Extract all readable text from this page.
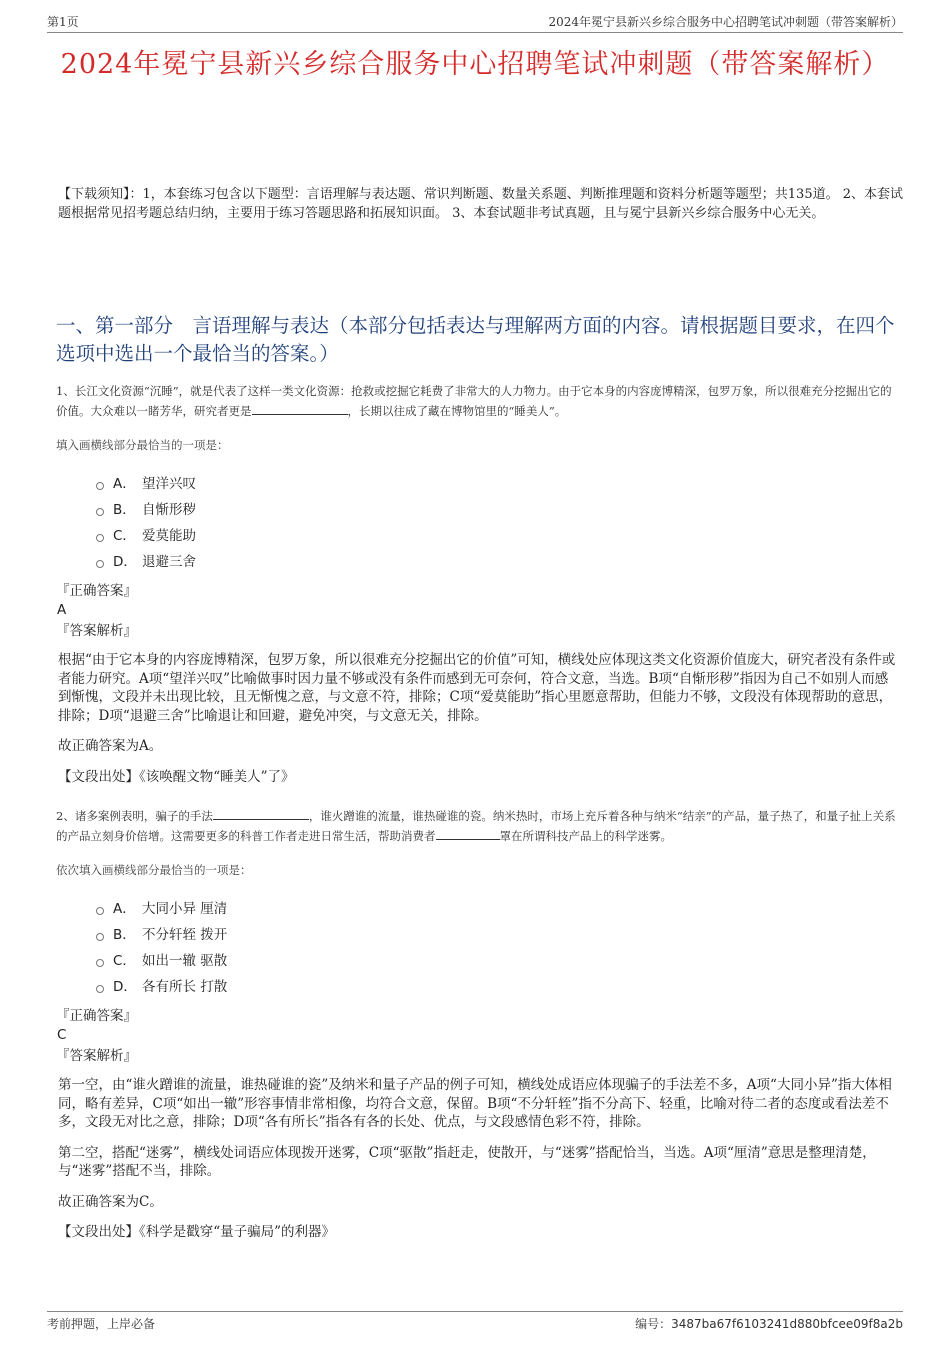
第1页	2024年冕宁县新兴乡综合服务中心招聘笔试冲刺题（带答案解析）
2024年冕宁县新兴乡综合服务中心招聘笔试冲刺题（带答案解析）
【下载须知】：1，本套练习包含以下题型：言语理解与表达题、常识判断题、数量关系题、判断推理题和资料分析题等题型；共135道。 2、本套试题根据常见招考题总结归纳，主要用于练习答题思路和拓展知识面。 3、本套试题非考试真题，且与冕宁县新兴乡综合服务中心无关。
一、第一部分　言语理解与表达（本部分包括表达与理解两方面的内容。请根据题目要求，在四个选项中选出一个最恰当的答案。）

1、长江文化资源“沉睡”，就是代表了这样一类文化资源：抢救或挖掘它耗费了非常大的人力物力。由于它本身的内容庞博精深，包罗万象，所以很难充分挖掘出它的价值。大众难以一睹芳华，研究者更是	，长期以往成了藏在博物馆里的“睡美人”。

填入画横线部分最恰当的一项是：
A． 望洋兴叹
B． 自惭形秽
C． 爱莫能助
D． 退避三舍
『正确答案』
A
『答案解析』
根据“由于它本身的内容庞博精深，包罗万象，所以很难充分挖掘出它的价值”可知，横线处应体现这类文化资源价值庞大，研究者没有条件或者能力研究。A项“望洋兴叹”比喻做事时因力量不够或没有条件而感到无可奈何，符合文意，当选。B项“自惭形秽”指因为自己不如别人而感到惭愧，文段并未出现比较，且无惭愧之意，与文意不符，排除；C项“爱莫能助”指心里愿意帮助，但能力不够，文段没有体现帮助的意思，排除；D项“退避三舍”比喻退让和回避，避免冲突，与文意无关，排除。
故正确答案为A。
【文段出处】《该唤醒文物“睡美人”了》

2、诸多案例表明，骗子的手法	，谁火蹭谁的流量，谁热碰谁的瓷。纳米热时，市场上充斥着各种与纳米“结亲”的产品，量子热了，和量子扯上关系的产品立刻身价倍增。这需要更多的科普工作者走进日常生活，帮助消费者	罩在所谓科技产品上的科学迷雾。

依次填入画横线部分最恰当的一项是：
A． 大同小异 厘清
B． 不分轩轾 拨开
C． 如出一辙 驱散
D． 各有所长 打散
『正确答案』
C
『答案解析』
第一空，由“谁火蹭谁的流量，谁热碰谁的瓷”及纳米和量子产品的例子可知，横线处成语应体现骗子的手法差不多，A项“大同小异”指大体相同，略有差异，C项“如出一辙”形容事情非常相像，均符合文意，保留。B项“不分轩轾”指不分高下、轻重，比喻对待二者的态度或看法差不多，文段无对比之意，排除；D项“各有所长”指各有各的长处、优点，与文段感情色彩不符，排除。
第二空，搭配“迷雾”，横线处词语应体现拨开迷雾，C项“驱散”指赶走，使散开，与“迷雾”搭配恰当，当选。A项“厘清”意思是整理清楚，与“迷雾”搭配不当，排除。
故正确答案为C。
【文段出处】《科学是戳穿“量子骗局”的利器》
考前押题，上岸必备	编号：3487ba67f6103241d880bfcee09f8a2b
